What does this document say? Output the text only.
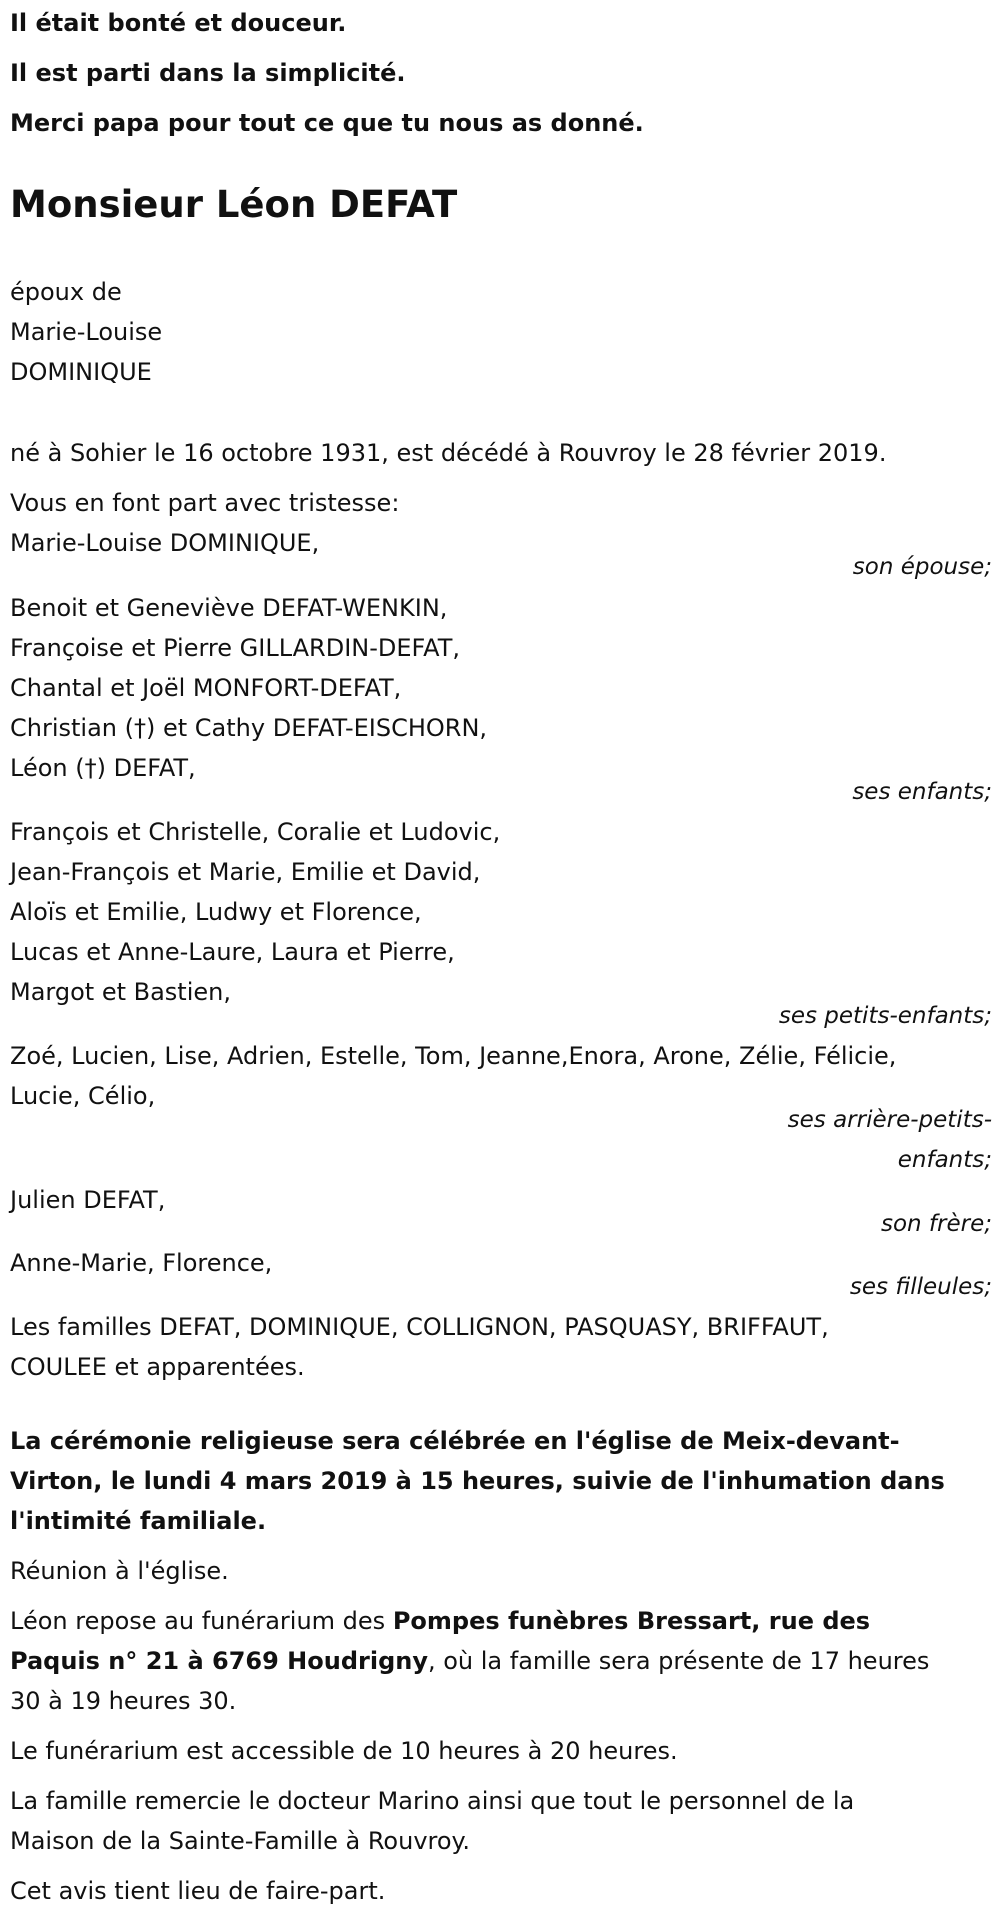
Il était bonté et douceur.
Il est parti dans la simplicité.
Merci papa pour tout ce que tu nous as donné.
Monsieur Léon DEFAT
époux de
Marie-Louise
DOMINIQUE
né à Sohier le 16 octobre 1931, est décédé à Rouvroy le 28 février 2019.
Vous en font part avec tristesse:
Marie-Louise DOMINIQUE,
son épouse;
Benoit et Geneviève DEFAT-WENKIN,
Françoise et Pierre GILLARDIN-DEFAT,
Chantal et Joël MONFORT-DEFAT,
Christian (†) et Cathy DEFAT-EISCHORN,
Léon (†) DEFAT,
ses enfants;
François et Christelle, Coralie et Ludovic,
Jean-François et Marie, Emilie et David,
Aloïs et Emilie, Ludwy et Florence,
Lucas et Anne-Laure, Laura et Pierre,
Margot et Bastien,
ses petits-enfants;
Zoé, Lucien, Lise, Adrien, Estelle, Tom, Jeanne,Enora, Arone, Zélie, Félicie,
Lucie, Célio,
ses arrière-petits-
enfants;
Julien DEFAT,
son frère;
Anne-Marie, Florence,
ses filleules;
Les familles DEFAT, DOMINIQUE, COLLIGNON, PASQUASY, BRIFFAUT,
COULEE et apparentées.
La cérémonie religieuse sera célébrée en l'église de Meix-devant-
Virton, le lundi 4 mars 2019 à 15 heures, suivie de l'inhumation dans
l'intimité familiale.
Réunion à l'église.
Léon repose au funérarium des Pompes funèbres Bressart, rue des
Paquis n° 21 à 6769 Houdrigny, où la famille sera présente de 17 heures
30 à 19 heures 30.
Le funérarium est accessible de 10 heures à 20 heures.
La famille remercie le docteur Marino ainsi que tout le personnel de la
Maison de la Sainte-Famille à Rouvroy.
Cet avis tient lieu de faire-part.
